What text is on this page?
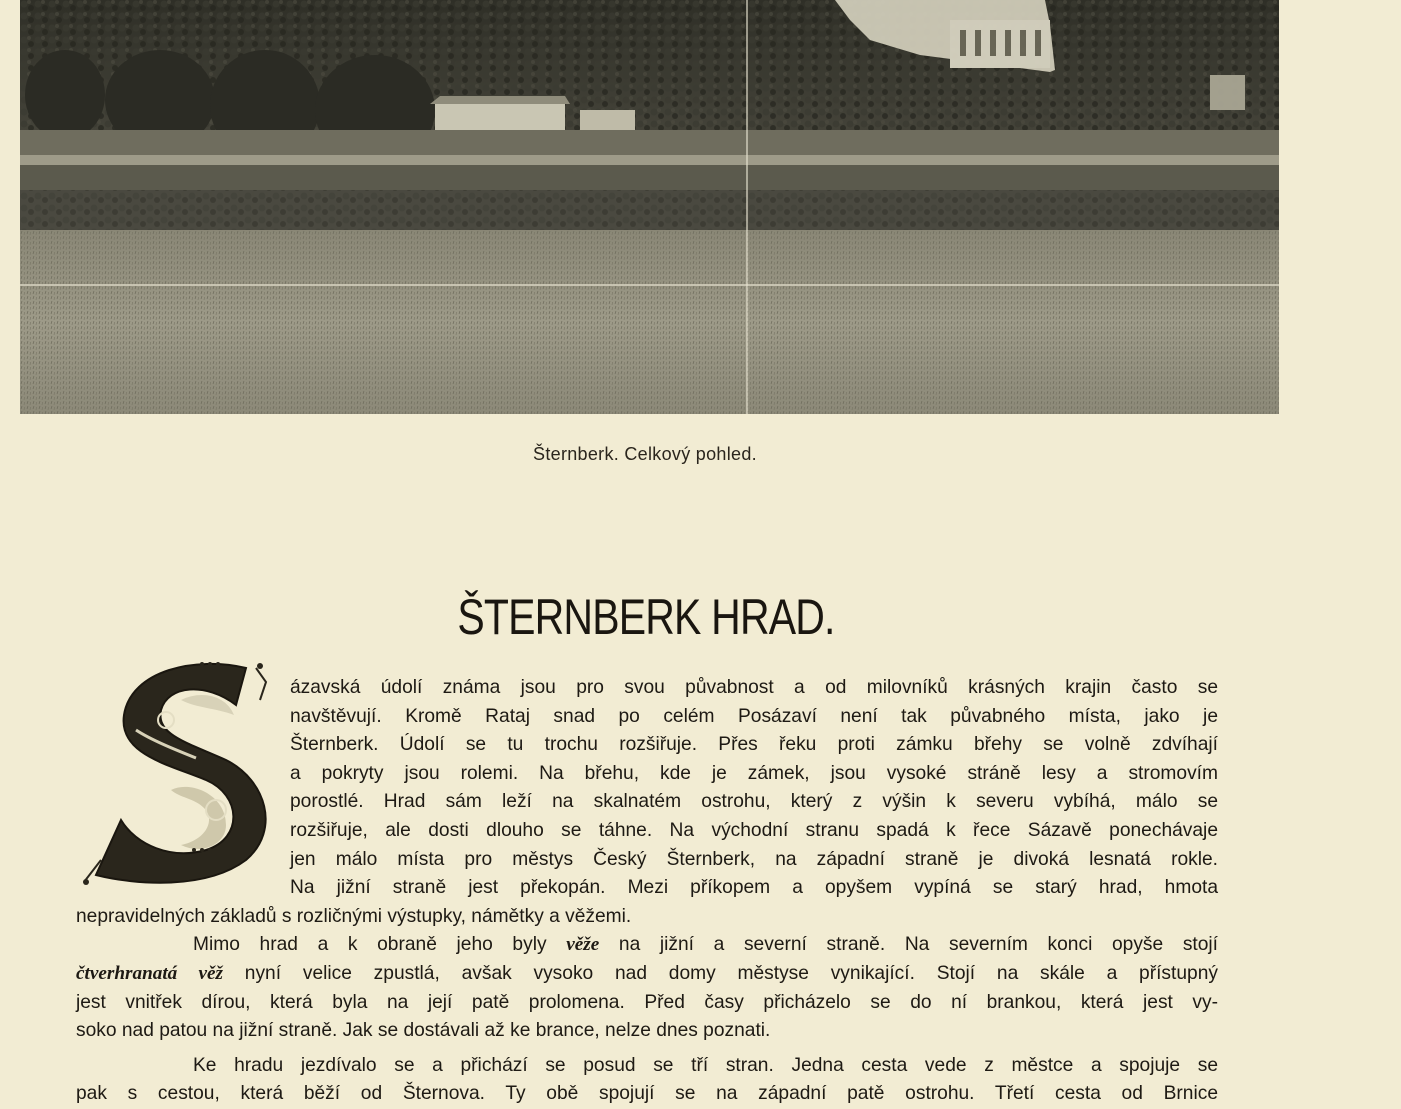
Šternberk. Celkový pohled.
ŠTERNBERK HRAD.
ázavská údolí známa jsou pro svou půvabnost a od milovníků krásných krajin často se
navštěvují. Kromě Rataj snad po celém Posázaví není tak půvabného místa, jako je
Šternberk. Údolí se tu trochu rozšiřuje. Přes řeku proti zámku břehy se volně zdvíhají
a pokryty jsou rolemi. Na břehu, kde je zámek, jsou vysoké stráně lesy a stromovím
porostlé. Hrad sám leží na skalnatém ostrohu, který z výšin k severu vybíhá, málo se
rozšiřuje, ale dosti dlouho se táhne. Na východní stranu spadá k řece Sázavě ponechávaje
jen málo místa pro městys Český Šternberk, na západní straně je divoká lesnatá rokle.
Na jižní straně jest překopán. Mezi příkopem a opyšem vypíná se starý hrad, hmota
nepravidelných základů s rozličnými výstupky, námětky a věžemi.
Mimo hrad a k obraně jeho byly věže na jižní a severní straně. Na severním konci opyše stojí
čtverhranatá věž nyní velice zpustlá, avšak vysoko nad domy městyse vynikající. Stojí na skále a přístupný
jest vnitřek dírou, která byla na její patě prolomena. Před časy přicházelo se do ní brankou, která jest vy-
soko nad patou na jižní straně. Jak se dostávali až ke brance, nelze dnes poznati.
Ke hradu jezdívalo se a přichází se posud se tří stran. Jedna cesta vede z městce a spojuje se
pak s cestou, která běží od Šternova. Ty obě spojují se na západní patě ostrohu. Třetí cesta od Brnice
